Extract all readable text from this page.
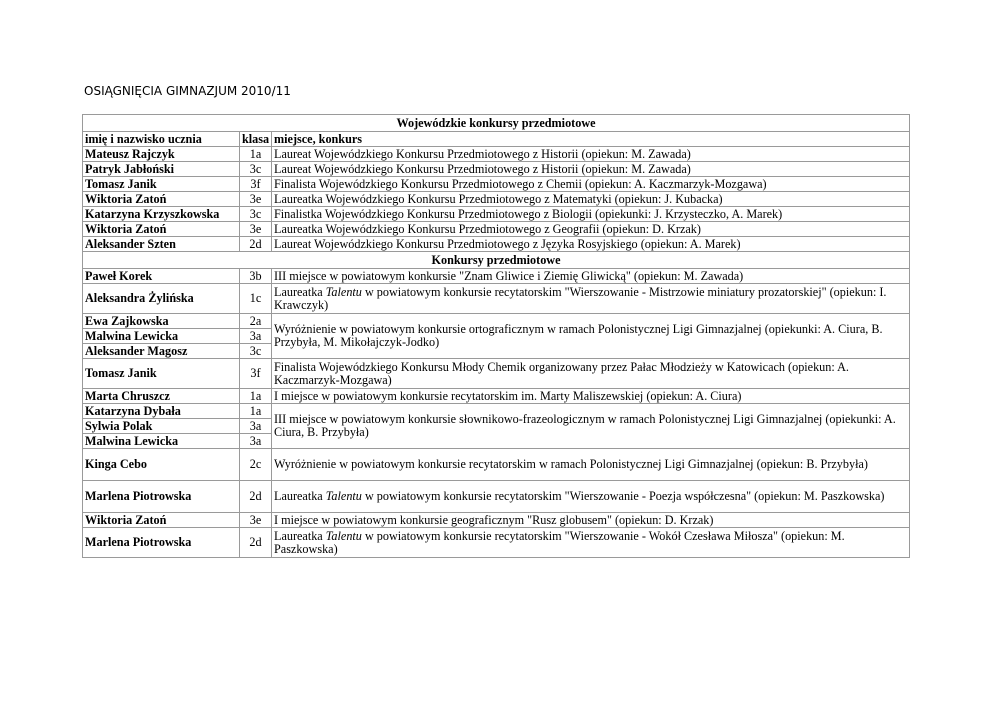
OSIĄGNIĘCIA GIMNAZJUM 2010/11
Wojewódzkie konkursy przedmiotowe		
imię i nazwisko ucznia	klasa	miejsce, konkurs
Mateusz Rajczyk	1a	Laureat Wojewódzkiego Konkursu Przedmiotowego z Historii (opiekun: M. Zawada)
Patryk Jabłoński	3c	Laureat Wojewódzkiego Konkursu Przedmiotowego z Historii (opiekun: M. Zawada)
Tomasz Janik	3f	Finalista Wojewódzkiego Konkursu Przedmiotowego z Chemii (opiekun: A. Kaczmarzyk-Mozgawa)
Wiktoria Zatoń	3e	Laureatka Wojewódzkiego Konkursu Przedmiotowego z Matematyki (opiekun: J. Kubacka)
Katarzyna Krzyszkowska	3c	Finalistka Wojewódzkiego Konkursu Przedmiotowego z Biologii (opiekunki: J. Krzysteczko, A. Marek)
Wiktoria Zatoń	3e	Laureatka Wojewódzkiego Konkursu Przedmiotowego z Geografii (opiekun: D. Krzak)
Aleksander Szten	2d	Laureat Wojewódzkiego Konkursu Przedmiotowego z Języka Rosyjskiego (opiekun: A. Marek)
Konkursy przedmiotowe		
Paweł Korek	3b	III miejsce w powiatowym konkursie "Znam Gliwice i Ziemię Gliwicką" (opiekun: M. Zawada)
Aleksandra Żylińska	1c	Laureatka Talentu w powiatowym konkursie recytatorskim "Wierszowanie - Mistrzowie miniatury prozatorskiej" (opiekun: I. Krawczyk)
Ewa Zajkowska	2a	Wyróżnienie w powiatowym konkursie ortograficznym w ramach Polonistycznej Ligi Gimnazjalnej (opiekunki: A. Ciura, B. Przybyła, M. Mikołajczyk-Jodko)
Malwina Lewicka	3a	
Aleksander Magosz	3c	
Tomasz Janik	3f	Finalista Wojewódzkiego Konkursu Młody Chemik organizowany przez Pałac Młodzieży w Katowicach (opiekun: A. Kaczmarzyk-Mozgawa)
Marta Chruszcz	1a	I miejsce w powiatowym konkursie recytatorskim im. Marty Maliszewskiej (opiekun: A. Ciura)
Katarzyna Dybała	1a	III miejsce w powiatowym konkursie słownikowo-frazeologicznym w ramach Polonistycznej Ligi Gimnazjalnej (opiekunki: A. Ciura, B. Przybyła)
Sylwia Polak	3a	
Malwina Lewicka	3a	
Kinga Cebo	2c	Wyróżnienie w powiatowym konkursie recytatorskim w ramach Polonistycznej Ligi Gimnazjalnej (opiekun: B. Przybyła)
Marlena Piotrowska	2d	Laureatka Talentu w powiatowym konkursie recytatorskim "Wierszowanie - Poezja współczesna" (opiekun: M. Paszkowska)
Wiktoria Zatoń	3e	I miejsce w powiatowym konkursie geograficznym "Rusz globusem" (opiekun: D. Krzak)
Marlena Piotrowska	2d	Laureatka Talentu w powiatowym konkursie recytatorskim "Wierszowanie - Wokół Czesława Miłosza" (opiekun: M. Paszkowska)
